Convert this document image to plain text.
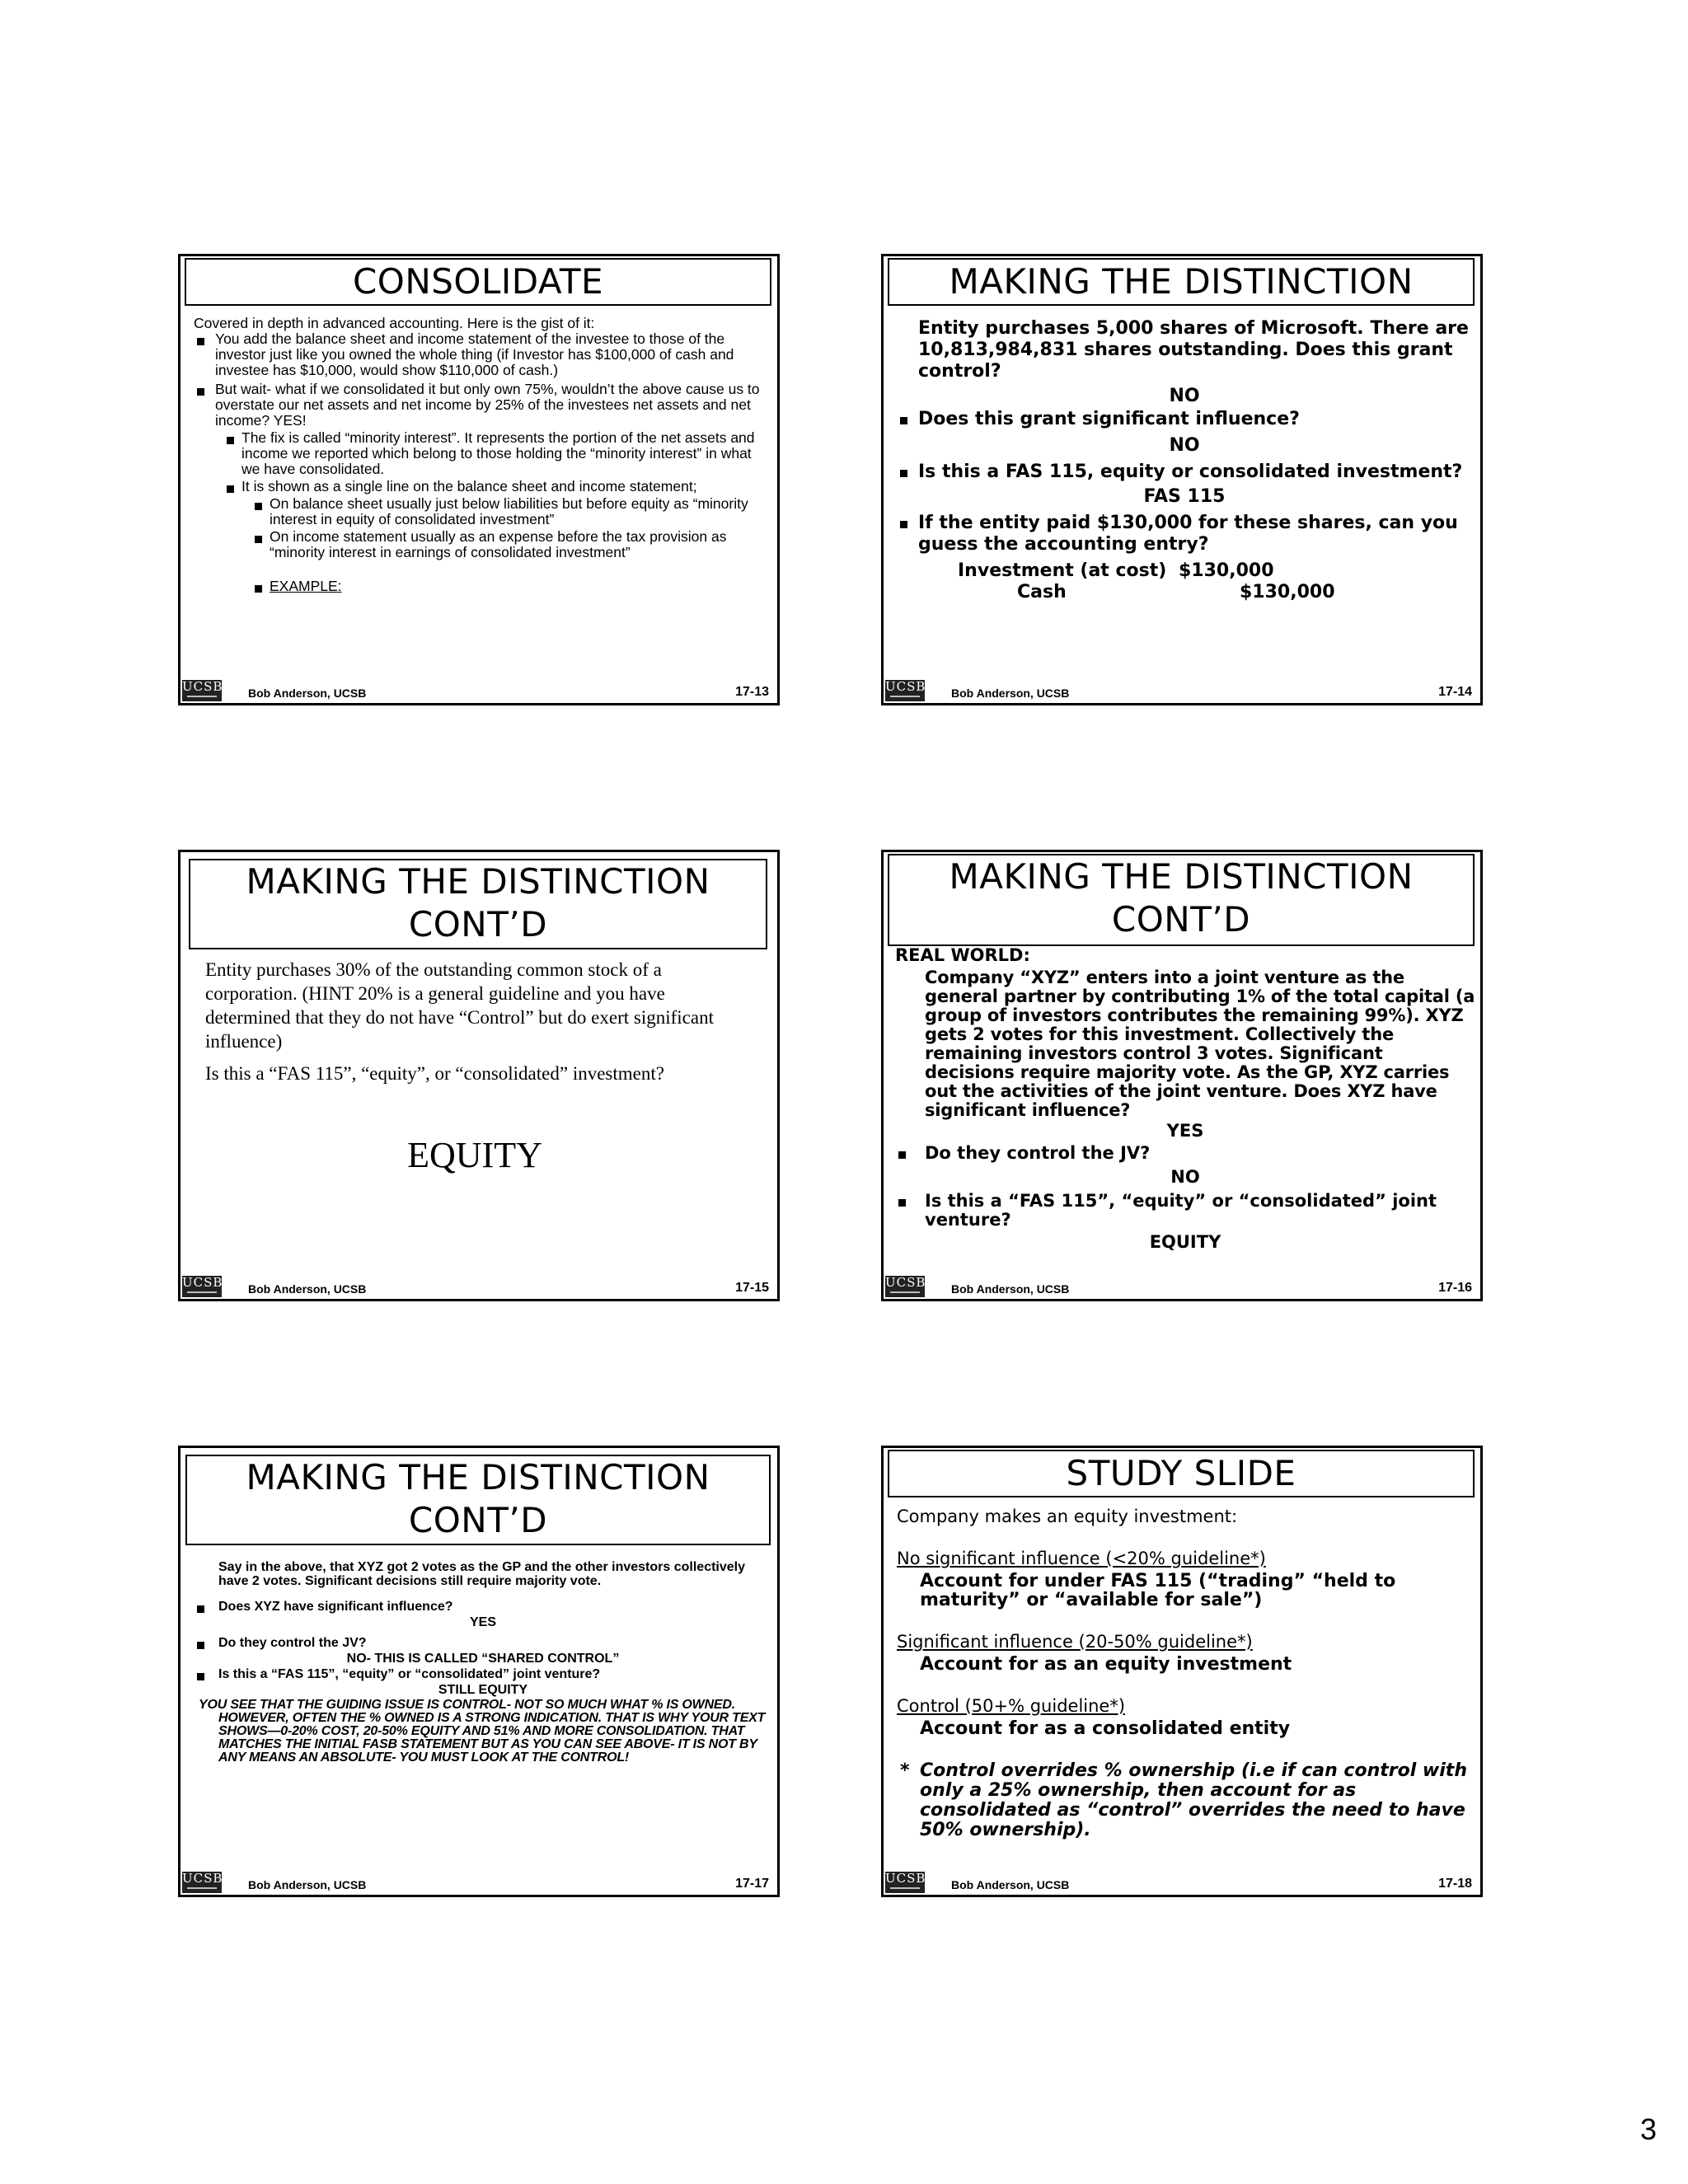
CONSOLIDATE
Covered in depth in advanced accounting. Here is the gist of it:
You add the balance sheet and income statement of the investee to those of the investor just like you owned the whole thing (if Investor has $100,000 of cash and investee has $10,000, would show $110,000 of cash.)
But wait- what if we consolidated it but only own 75%, wouldn’t the above cause us to overstate our net assets and net income by 25% of the investees net assets and net income? YES!
The fix is called “minority interest”. It represents the portion of the net assets and income we reported which belong to those holding the “minority interest” in what we have consolidated.
It is shown as a single line on the balance sheet and income statement;
On balance sheet usually just below liabilities but before equity as “minority interest in equity of consolidated investment”
On income statement usually as an expense before the tax provision as “minority interest in earnings of consolidated investment”
EXAMPLE:
UCSB Bob Anderson, UCSB	17-13
MAKING THE DISTINCTION
Entity purchases 5,000 shares of Microsoft. There are 10,813,984,831 shares outstanding. Does this grant control?
NO
Does this grant significant influence?
NO
Is this a FAS 115, equity or consolidated investment?
FAS 115
If the entity paid $130,000 for these shares, can you guess the accounting entry?
Investment (at cost) $130,000
Cash	$130,000
UCSB Bob Anderson, UCSB	17-14
MAKING THE DISTINCTION
CONT’D
Entity purchases 30% of the outstanding common stock of a corporation. (HINT 20% is a general guideline and you have determined that they do not have “Control” but do exert significant influence)
Is this a “FAS 115”, “equity”, or “consolidated” investment?
EQUITY
UCSB Bob Anderson, UCSB	17-15
MAKING THE DISTINCTION
CONT’D
REAL WORLD:
Company “XYZ” enters into a joint venture as the general partner by contributing 1% of the total capital (a group of investors contributes the remaining 99%). XYZ gets 2 votes for this investment. Collectively the remaining investors control 3 votes. Significant decisions require majority vote. As the GP, XYZ carries out the activities of the joint venture. Does XYZ have significant influence?
YES
Do they control the JV?
NO
Is this a “FAS 115”, “equity” or “consolidated” joint venture?
EQUITY
UCSB Bob Anderson, UCSB	17-16
MAKING THE DISTINCTION
CONT’D
Say in the above, that XYZ got 2 votes as the GP and the other investors collectively have 2 votes. Significant decisions still require majority vote.
Does XYZ have significant influence?
YES
Do they control the JV?
NO- THIS IS CALLED “SHARED CONTROL”
Is this a “FAS 115”, “equity” or “consolidated” joint venture?
STILL EQUITY
YOU SEE THAT THE GUIDING ISSUE IS CONTROL- NOT SO MUCH WHAT % IS OWNED. HOWEVER, OFTEN THE % OWNED IS A STRONG INDICATION. THAT IS WHY YOUR TEXT SHOWS—0-20% COST, 20-50% EQUITY AND 51% AND MORE CONSOLIDATION. THAT MATCHES THE INITIAL FASB STATEMENT BUT AS YOU CAN SEE ABOVE- IT IS NOT BY ANY MEANS AN ABSOLUTE- YOU MUST LOOK AT THE CONTROL!
UCSB Bob Anderson, UCSB	17-17
STUDY SLIDE
Company makes an equity investment:
No significant influence (<20% guideline*)
Account for under FAS 115 (“trading” “held to maturity” or “available for sale”)
Significant influence (20-50% guideline*)
Account for as an equity investment
Control (50+% guideline*)
Account for as a consolidated entity
* Control overrides % ownership (i.e if can control with only a 25% ownership, then account for as consolidated as “control” overrides the need to have 50% ownership).
UCSB Bob Anderson, UCSB	17-18
3
